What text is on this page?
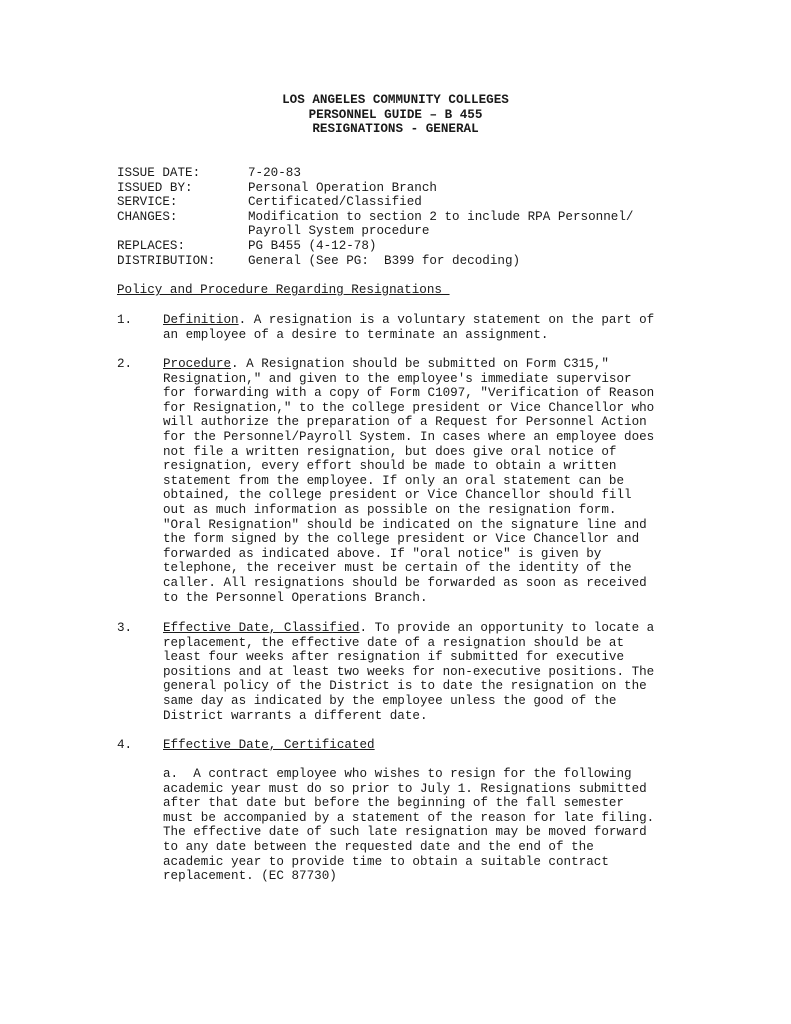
LOS ANGELES COMMUNITY COLLEGES
PERSONNEL GUIDE – B 455
RESIGNATIONS - GENERAL
ISSUE DATE:	7-20-83
ISSUED BY:	Personal Operation Branch
SERVICE:	Certificated/Classified
CHANGES:	Modification to section 2 to include RPA Personnel/
Payroll System procedure
REPLACES:	PG B455 (4-12-78)
DISTRIBUTION:	General (See PG:  B399 for decoding)
Policy and Procedure Regarding Resignations
1. Definition. A resignation is a voluntary statement on the part of
an employee of a desire to terminate an assignment.
2. Procedure. A Resignation should be submitted on Form C315,"
Resignation," and given to the employee's immediate supervisor
for forwarding with a copy of Form C1097, "Verification of Reason
for Resignation," to the college president or Vice Chancellor who
will authorize the preparation of a Request for Personnel Action
for the Personnel/Payroll System. In cases where an employee does
not file a written resignation, but does give oral notice of
resignation, every effort should be made to obtain a written
statement from the employee. If only an oral statement can be
obtained, the college president or Vice Chancellor should fill
out as much information as possible on the resignation form.
"Oral Resignation" should be indicated on the signature line and
the form signed by the college president or Vice Chancellor and
forwarded as indicated above. If "oral notice" is given by
telephone, the receiver must be certain of the identity of the
caller. All resignations should be forwarded as soon as received
to the Personnel Operations Branch.
3. Effective Date, Classified. To provide an opportunity to locate a
replacement, the effective date of a resignation should be at
least four weeks after resignation if submitted for executive
positions and at least two weeks for non-executive positions. The
general policy of the District is to date the resignation on the
same day as indicated by the employee unless the good of the
District warrants a different date.
4. Effective Date, Certificated
a.  A contract employee who wishes to resign for the following
academic year must do so prior to July 1. Resignations submitted
after that date but before the beginning of the fall semester
must be accompanied by a statement of the reason for late filing.
The effective date of such late resignation may be moved forward
to any date between the requested date and the end of the
academic year to provide time to obtain a suitable contract
replacement. (EC 87730)
